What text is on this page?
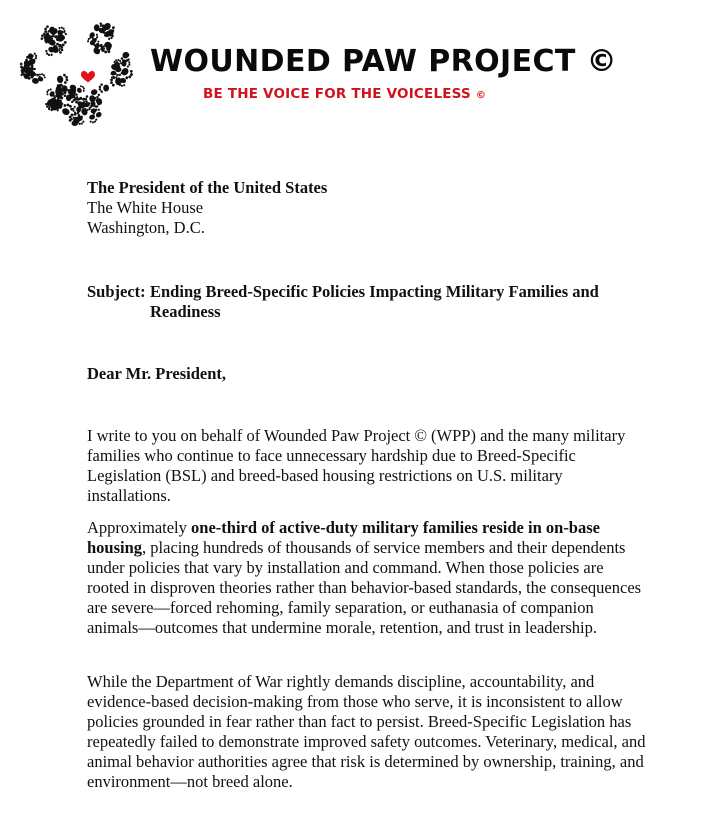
WOUNDED PAW PROJECT ©

BE THE VOICE FOR THE VOICELESS ©

The President of the United States
The White House
Washington, D.C.
Subject: Ending Breed-Specific Policies Impacting Military Families and Readiness
Dear Mr. President,

I write to you on behalf of Wounded Paw Project © (WPP) and the many military families who continue to face unnecessary hardship due to Breed-Specific Legislation (BSL) and breed-based housing restrictions on U.S. military installations.

Approximately one-third of active-duty military families reside in on-base housing, placing hundreds of thousands of service members and their dependents under policies that vary by installation and command. When those policies are rooted in disproven theories rather than behavior-based standards, the consequences are severe—forced rehoming, family separation, or euthanasia of companion animals—outcomes that undermine morale, retention, and trust in leadership.

While the Department of War rightly demands discipline, accountability, and evidence-based decision-making from those who serve, it is inconsistent to allow policies grounded in fear rather than fact to persist. Breed-Specific Legislation has repeatedly failed to demonstrate improved safety outcomes. Veterinary, medical, and animal behavior authorities agree that risk is determined by ownership, training, and environment—not breed alone.
